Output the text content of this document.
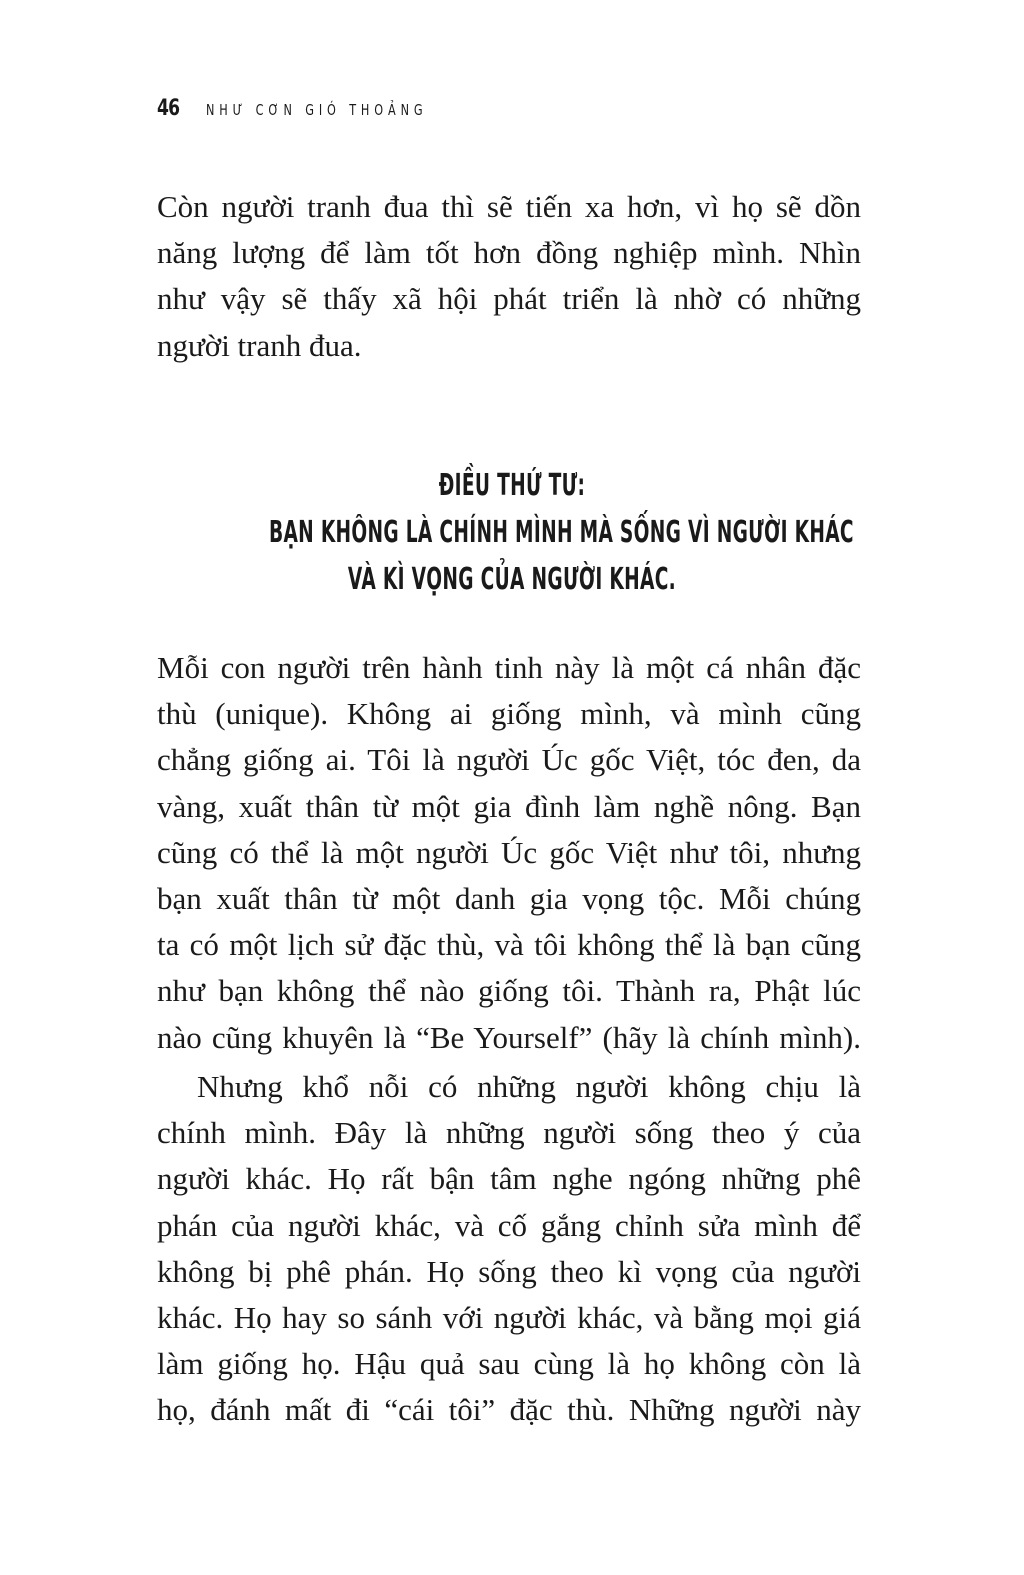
46 NHƯ CƠN GIÓ THOẢNG
Còn người tranh đua thì sẽ tiến xa hơn, vì họ sẽ dồn
năng lượng để làm tốt hơn đồng nghiệp mình. Nhìn
như vậy sẽ thấy xã hội phát triển là nhờ có những
người tranh đua.
ĐIỀU THỨ TƯ:
BẠN KHÔNG LÀ CHÍNH MÌNH MÀ SỐNG VÌ NGƯỜI KHÁC
VÀ KÌ VỌNG CỦA NGƯỜI KHÁC.
Mỗi con người trên hành tinh này là một cá nhân đặc
thù (unique). Không ai giống mình, và mình cũng
chẳng giống ai. Tôi là người Úc gốc Việt, tóc đen, da
vàng, xuất thân từ một gia đình làm nghề nông. Bạn
cũng có thể là một người Úc gốc Việt như tôi, nhưng
bạn xuất thân từ một danh gia vọng tộc. Mỗi chúng
ta có một lịch sử đặc thù, và tôi không thể là bạn cũng
như bạn không thể nào giống tôi. Thành ra, Phật lúc
nào cũng khuyên là “Be Yourself” (hãy là chính mình).
Nhưng khổ nỗi có những người không chịu là
chính mình. Đây là những người sống theo ý của
người khác. Họ rất bận tâm nghe ngóng những phê
phán của người khác, và cố gắng chỉnh sửa mình để
không bị phê phán. Họ sống theo kì vọng của người
khác. Họ hay so sánh với người khác, và bằng mọi giá
làm giống họ. Hậu quả sau cùng là họ không còn là
họ, đánh mất đi “cái tôi” đặc thù. Những người này
